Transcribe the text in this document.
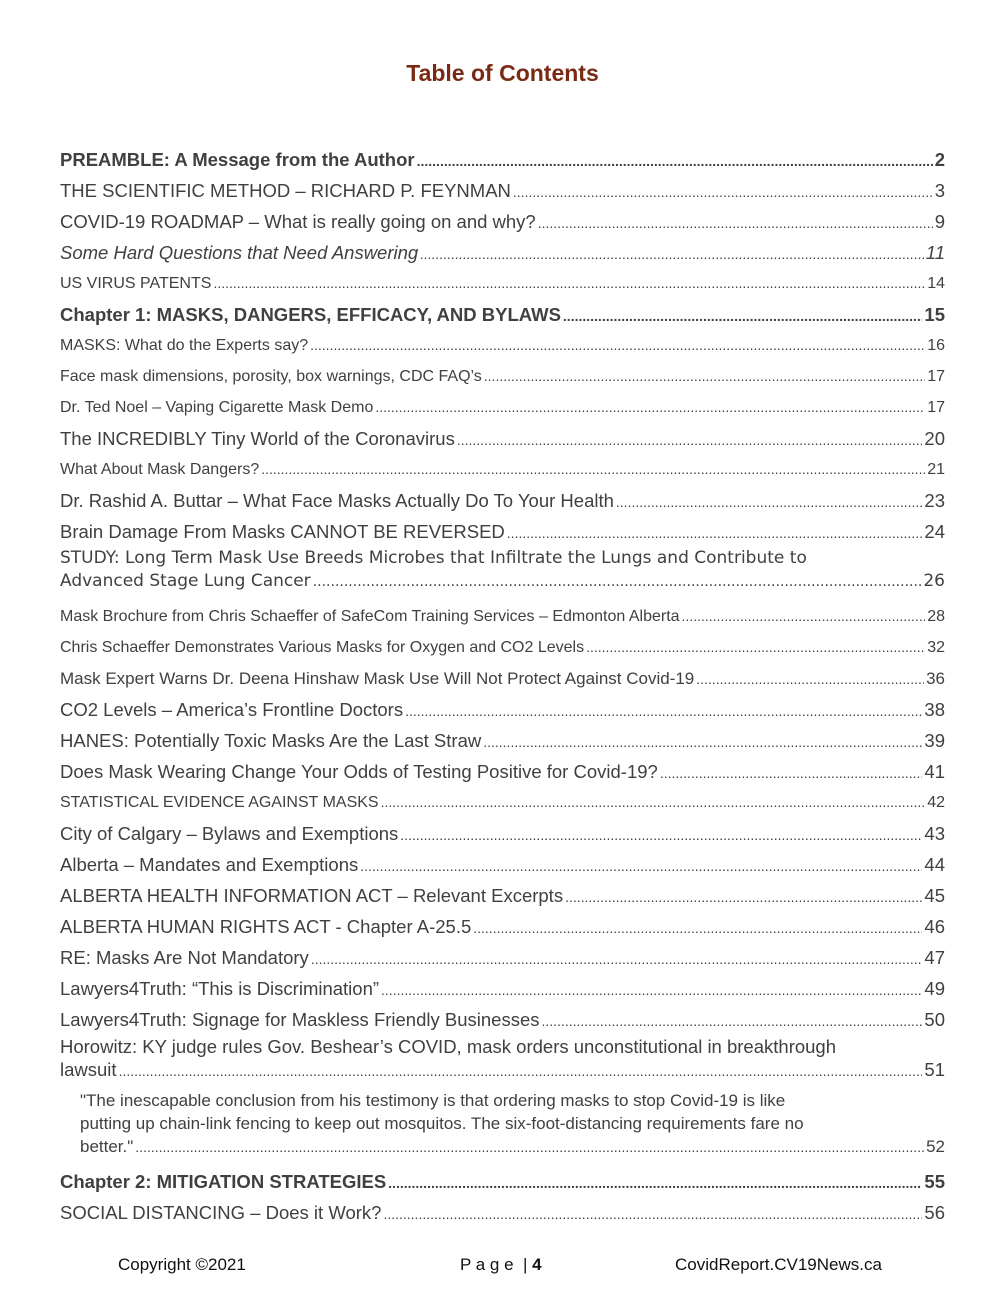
Table of Contents
PREAMBLE: A Message from the Author .....	2
THE SCIENTIFIC METHOD – RICHARD P. FEYNMAN .....	3
COVID-19 ROADMAP – What is really going on and why? .....	9
Some Hard Questions that Need Answering .....	11
US VIRUS PATENTS .....	14
Chapter 1: MASKS, DANGERS, EFFICACY, AND BYLAWS .....	15
MASKS: What do the Experts say? .....	16
Face mask dimensions, porosity, box warnings, CDC FAQ’s .....	17
Dr. Ted Noel – Vaping Cigarette Mask Demo .....	17
The INCREDIBLY Tiny World of the Coronavirus .....	20
What About Mask Dangers? .....	21
Dr. Rashid A. Buttar – What Face Masks Actually Do To Your Health .....	23
Brain Damage From Masks CANNOT BE REVERSED .....	24
STUDY: Long Term Mask Use Breeds Microbes that Infiltrate the Lungs and Contribute to
Advanced Stage Lung Cancer .....	26
Mask Brochure from Chris Schaeffer of SafeCom Training Services – Edmonton Alberta .....	28
Chris Schaeffer Demonstrates Various Masks for Oxygen and CO2 Levels .....	32
Mask Expert Warns Dr. Deena Hinshaw Mask Use Will Not Protect Against Covid-19 .....	36
CO2 Levels – America’s Frontline Doctors .....	38
HANES: Potentially Toxic Masks Are the Last Straw .....	39
Does Mask Wearing Change Your Odds of Testing Positive for Covid-19? .....	41
STATISTICAL EVIDENCE AGAINST MASKS .....	42
City of Calgary – Bylaws and Exemptions .....	43
Alberta – Mandates and Exemptions .....	44
ALBERTA HEALTH INFORMATION ACT – Relevant Excerpts .....	45
ALBERTA HUMAN RIGHTS ACT - Chapter A-25.5 .....	46
RE: Masks Are Not Mandatory .....	47
Lawyers4Truth: “This is Discrimination” .....	49
Lawyers4Truth: Signage for Maskless Friendly Businesses .....	50
Horowitz: KY judge rules Gov. Beshear’s COVID, mask orders unconstitutional in breakthrough
lawsuit .....	51
"The inescapable conclusion from his testimony is that ordering masks to stop Covid-19 is like
putting up chain-link fencing to keep out mosquitos. The six-foot-distancing requirements fare no
better." .....	52
Chapter 2: MITIGATION STRATEGIES .....	55
SOCIAL DISTANCING – Does it Work? .....	56
Copyright ©2021	P a g e  | 4	CovidReport.CV19News.ca
